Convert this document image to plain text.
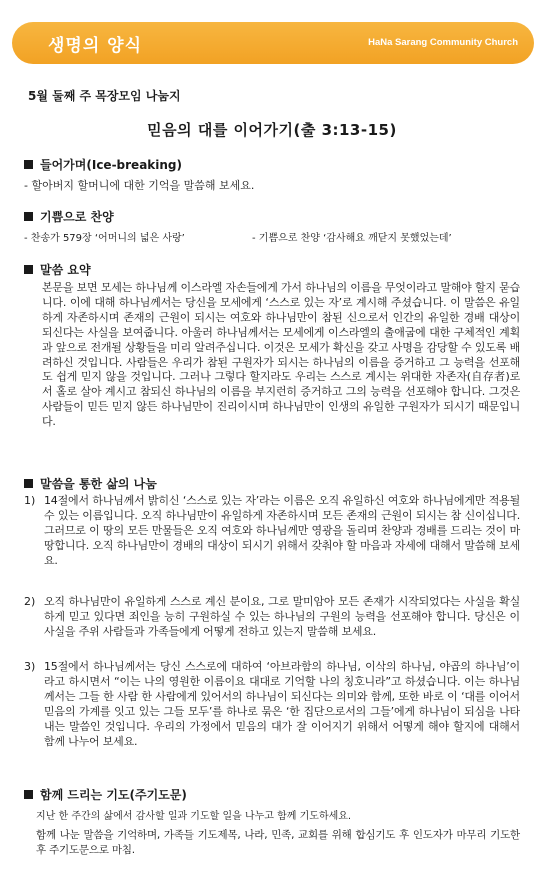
생명의 양식	HaNa Sarang Community Church
5월 둘째 주 목장모임 나눔지
믿음의 대를 이어가기(출 3:13-15)
들어가며(Ice-breaking)
- 할아버지 할머니에 대한 기억을 말씀해 보세요.
기쁨으로 찬양
- 찬송가 579장 ‘어머니의 넓은 사랑’	- 기쁨으로 찬양 ‘감사해요 깨닫지 못했었는데’
말씀 요약
본문을 보면 모세는 하나님께 이스라엘 자손들에게 가서 하나님의 이름을 무엇이라고 말해야 할지 묻습니다. 이에 대해 하나님께서는 당신을 모세에게 ‘스스로 있는 자’로 계시해 주셨습니다. 이 말씀은 유일하게 자존하시며 존재의 근원이 되시는 여호와 하나님만이 참된 신으로서 인간의 유일한 경배 대상이 되신다는 사실을 보여줍니다. 아울러 하나님께서는 모세에게 이스라엘의 출애굽에 대한 구체적인 계획과 앞으로 전개될 상황들을 미리 알려주십니다. 이것은 모세가 확신을 갖고 사명을 감당할 수 있도록 배려하신 것입니다. 사람들은 우리가 참된 구원자가 되시는 하나님의 이름을 증거하고 그 능력을 선포해도 쉽게 믿지 않을 것입니다. 그러나 그렇다 할지라도 우리는 스스로 계시는 위대한 자존자(自存者)로서 홀로 살아 계시고 참되신 하나님의 이름을 부지런히 증거하고 그의 능력을 선포해야 합니다. 그것은 사람들이 믿든 믿지 않든 하나님만이 진리이시며 하나님만이 인생의 유일한 구원자가 되시기 때문입니다.
말씀을 통한 삶의 나눔
1) 14절에서 하나님께서 밝히신 ‘스스로 있는 자’라는 이름은 오직 유일하신 여호와 하나님에게만 적용될 수 있는 이름입니다. 오직 하나님만이 유일하게 자존하시며 모든 존재의 근원이 되시는 참 신이십니다. 그러므로 이 땅의 모든 만물들은 오직 여호와 하나님께만 영광을 돌리며 찬양과 경배를 드리는 것이 마땅합니다. 오직 하나님만이 경배의 대상이 되시기 위해서 갖춰야 할 마음과 자세에 대해서 말씀해 보세요.
2) 오직 하나님만이 유일하게 스스로 계신 분이요, 그로 말미암아 모든 존재가 시작되었다는 사실을 확실하게 믿고 있다면 죄인을 능히 구원하실 수 있는 하나님의 구원의 능력을 선포해야 합니다. 당신은 이 사실을 주위 사람들과 가족들에게 어떻게 전하고 있는지 말씀해 보세요.
3) 15절에서 하나님께서는 당신 스스로에 대하여 ‘아브라함의 하나님, 이삭의 하나님, 야곱의 하나님’이라고 하시면서 “이는 나의 영원한 이름이요 대대로 기억할 나의 칭호니라”고 하셨습니다. 이는 하나님께서는 그들 한 사람 한 사람에게 있어서의 하나님이 되신다는 의미와 함께, 또한 바로 이 ‘대를 이어서 믿음의 가계를 잇고 있는 그들 모두’를 하나로 묶은 ‘한 집단으로서의 그들’에게 하나님이 되심을 나타내는 말씀인 것입니다. 우리의 가정에서 믿음의 대가 잘 이어지기 위해서 어떻게 해야 할지에 대해서 함께 나누어 보세요.
함께 드리는 기도(주기도문)
지난 한 주간의 삶에서 감사할 일과 기도할 일을 나누고 함께 기도하세요.
함께 나눈 말씀을 기억하며, 가족들 기도제목, 나라, 민족, 교회를 위해 합심기도 후 인도자가 마무리 기도한 후 주기도문으로 마침.
